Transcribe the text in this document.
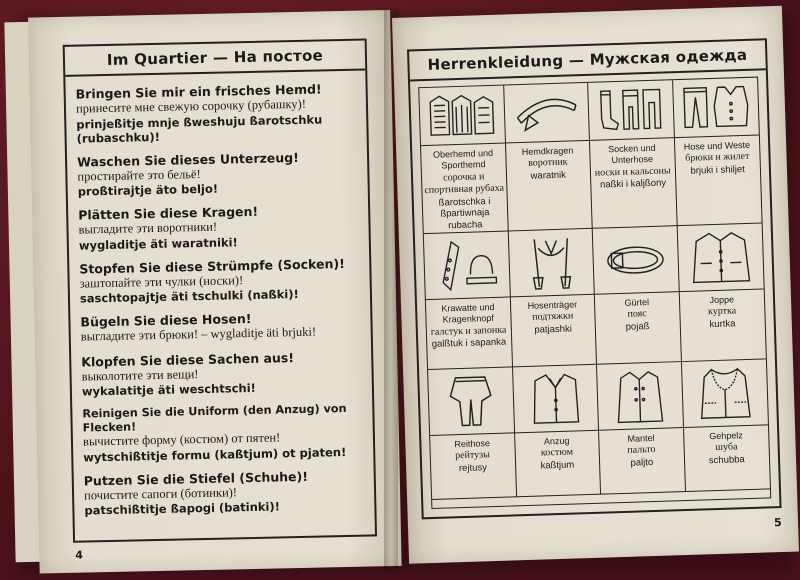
Im Quartier — На постое
Bringen Sie mir ein frisches Hemd!
принесите мне свежую сорочку (рубашку)!
prinjeßitje mnje ßweshuju ßarotschku (rubaschku)!
Waschen Sie dieses Unterzeug!
простирайте это бельё!
proßtirajtje äto beljo!
Plätten Sie diese Kragen!
выгладите эти воротники!
wygladitje äti waratniki!
Stopfen Sie diese Strümpfe (Socken)!
заштопайте эти чулки (носки)!
saschtopajtje äti tschulki (naßki)!
Bügeln Sie diese Hosen!
выгладите эти брюки! – wygladitje äti brjuki!
Klopfen Sie diese Sachen aus!
выколотите эти вещи!
wykalatitje äti weschtschi!
Reinigen Sie die Uniform (den Anzug) von Flecken!
вычистите форму (костюм) от пятен!
wytschißtitje formu (kaßtjum) ot pjaten!
Putzen Sie die Stiefel (Schuhe)!
почистите сапоги (ботинки)!
patschißtitje ßapogi (batinki)!
4
Herrenkleidung — Мужская одежда
Oberhemd und Sporthemd
сорочка и спортивная рубаха
ßarotschka i ßpartiwnaja rubacha
Hemdkragen
воротник
waratnik
Socken und Unterhose
носки и кальсоны
naßki i kaljßony
Hose und Weste
брюки и жилет
brjuki i shiljet
Krawatte und Kragenknopf
галстук и запонка
galßtuk i sapanka
Hosenträger
подтяжки
patjashki
Gürtel
пояс
pojaß
Joppe
куртка
kurtka
Reithose
рейтузы
rejtusy
Anzug
костюм
kaßtjum
Mantel
пальто
paljto
Gehpelz
шуба
schubba
5
